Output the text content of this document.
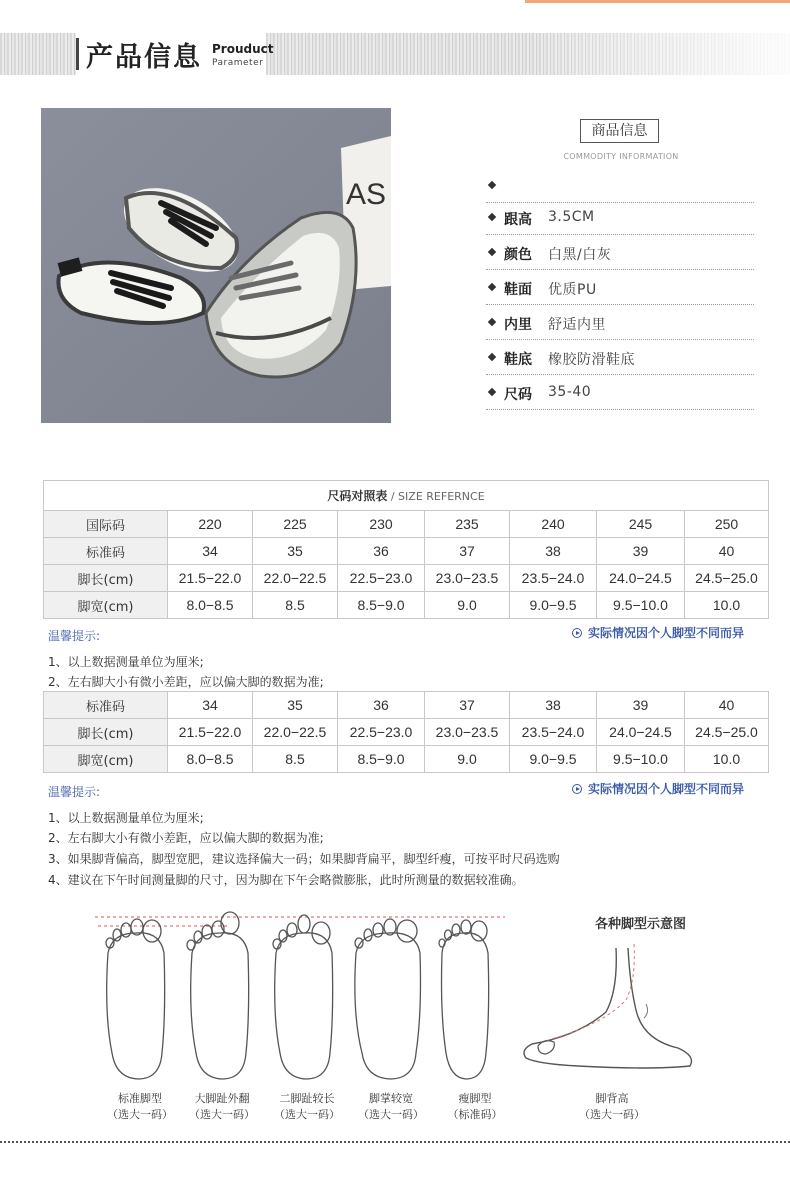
产品信息 Prouduct
Parameter
AS
商品信息
COMMODITY INFORMATION
跟高 3.5CM
颜色 白黑/白灰
鞋面 优质PU
内里 舒适内里
鞋底 橡胶防滑鞋底
尺码 35-40
尺码对照表 / SIZE REFERNCE							
国际码	220	225	230	235	240	245	250
标准码	34	35	36	37	38	39	40
脚长(cm)	21.5−22.0	22.0−22.5	22.5−23.0	23.0−23.5	23.5−24.0	24.0−24.5	24.5−25.0
脚宽(cm)	8.0−8.5	8.5	8.5−9.0	9.0	9.0−9.5	9.5−10.0	10.0
温馨提示:	实际情况因个人脚型不同而异
1、以上数据测量单位为厘米;
2、左右脚大小有微小差距，应以偏大脚的数据为准;
标准码	34	35	36	37	38	39	40
脚长(cm)	21.5−22.0	22.0−22.5	22.5−23.0	23.0−23.5	23.5−24.0	24.0−24.5	24.5−25.0
脚宽(cm)	8.0−8.5	8.5	8.5−9.0	9.0	9.0−9.5	9.5−10.0	10.0
温馨提示:	实际情况因个人脚型不同而异
1、以上数据测量单位为厘米;
2、左右脚大小有微小差距，应以偏大脚的数据为准;
3、如果脚背偏高，脚型宽肥，建议选择偏大一码；如果脚背扁平，脚型纤瘦，可按平时尺码选购
4、建议在下午时间测量脚的尺寸，因为脚在下午会略微膨胀，此时所测量的数据较准确。
标准脚型
（选大一码）
大脚趾外翻
（选大一码）
二脚趾较长
（选大一码）
脚掌较宽
（选大一码）
瘦脚型
（标准码）
各种脚型示意图
脚背高
（选大一码）
